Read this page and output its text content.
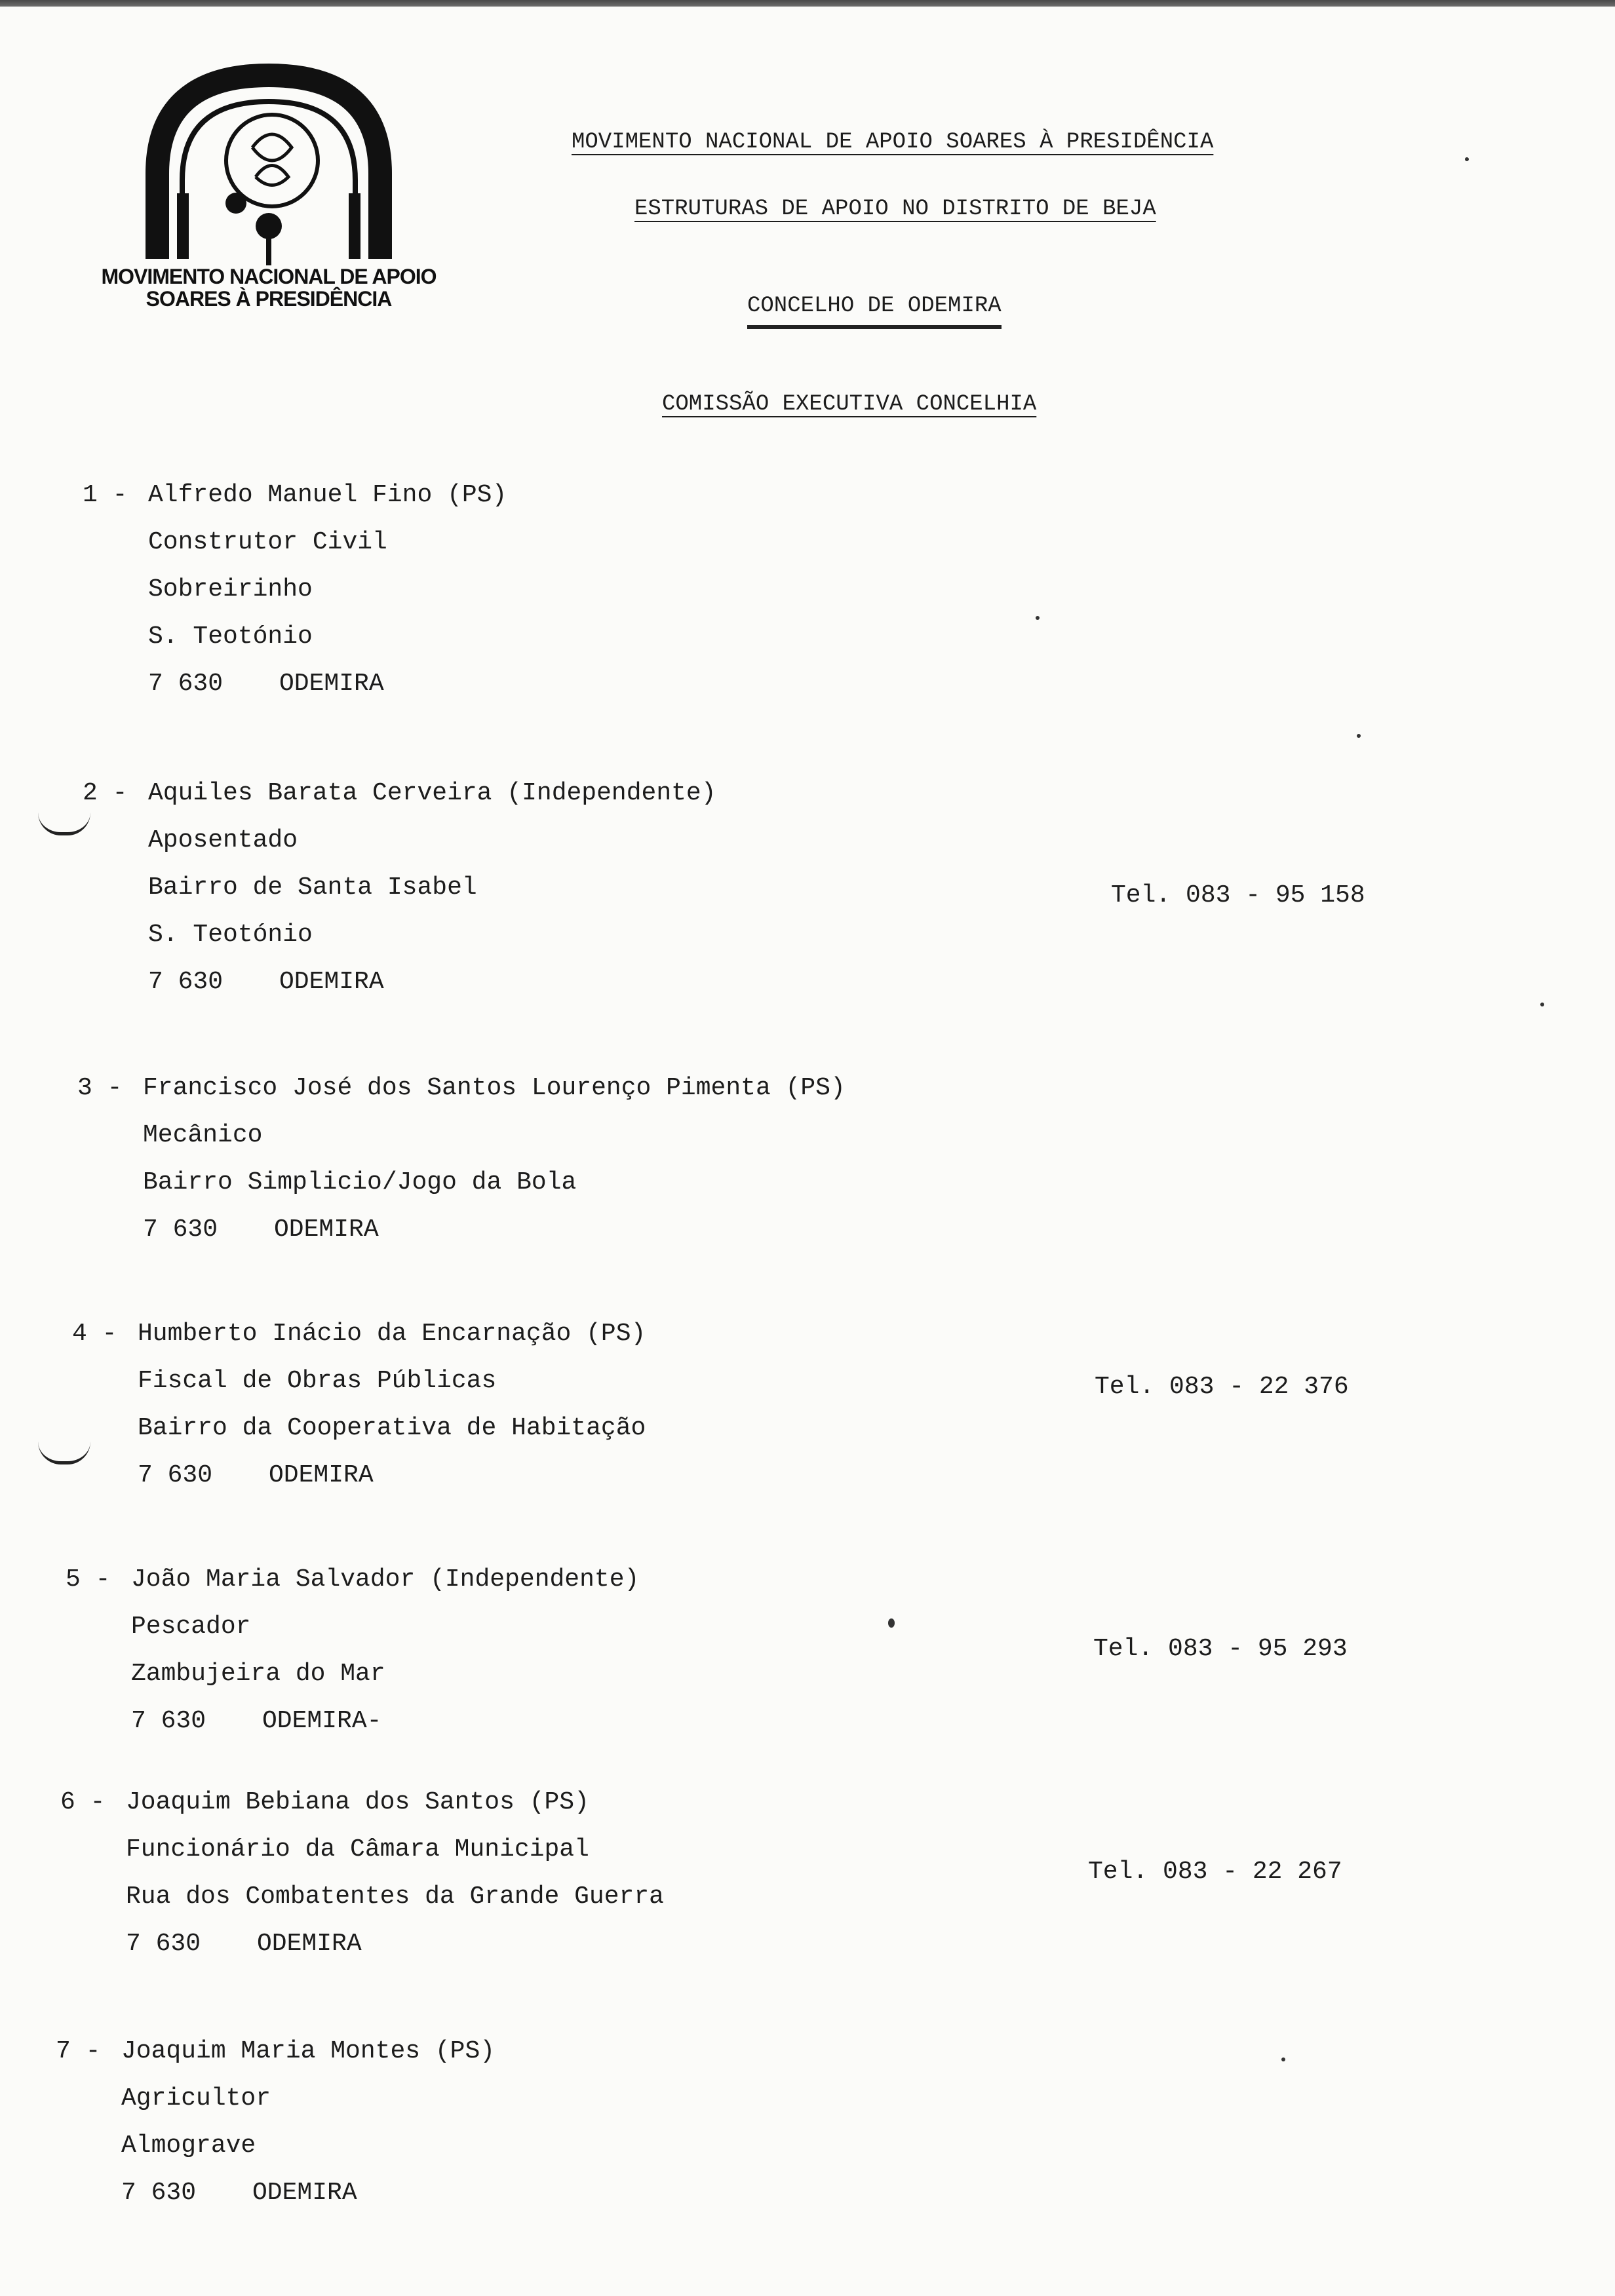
MOVIMENTO NACIONAL DE APOIO
SOARES À PRESIDÊNCIA
MOVIMENTO NACIONAL DE APOIO SOARES À PRESIDÊNCIA
ESTRUTURAS DE APOIO NO DISTRITO DE BEJA
CONCELHO DE ODEMIRA
COMISSÃO EXECUTIVA CONCELHIA
1 - Alfredo Manuel Fino (PS)
Construtor Civil
Sobreirinho
S. Teotónio
7 630 ODEMIRA
2 - Aquiles Barata Cerveira (Independente)
Aposentado
Bairro de Santa Isabel
S. Teotónio
7 630 ODEMIRA
Tel. 083 - 95 158
3 - Francisco José dos Santos Lourenço Pimenta (PS)
Mecânico
Bairro Simplicio/Jogo da Bola
7 630 ODEMIRA
4 - Humberto Inácio da Encarnação (PS)
Fiscal de Obras Públicas
Bairro da Cooperativa de Habitação
7 630 ODEMIRA
Tel. 083 - 22 376
5 - João Maria Salvador (Independente)
Pescador
Zambujeira do Mar
7 630 ODEMIRA-
Tel. 083 - 95 293
6 - Joaquim Bebiana dos Santos (PS)
Funcionário da Câmara Municipal
Rua dos Combatentes da Grande Guerra
7 630 ODEMIRA
Tel. 083 - 22 267
7 - Joaquim Maria Montes (PS)
Agricultor
Almograve
7 630 ODEMIRA
